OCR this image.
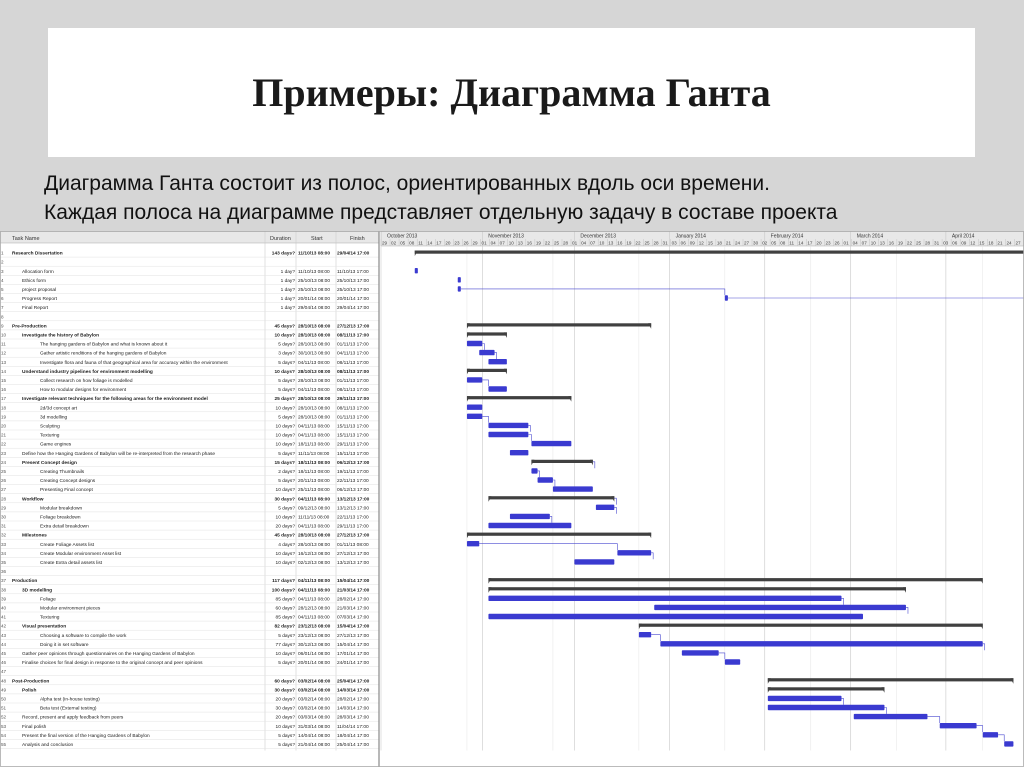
Примеры: Диаграмма Ганта
Диаграмма Ганта состоит из полос, ориентированных вдоль оси времени.
Каждая полоса на диаграмме представляет отдельную задачу в составе проекта
Task Name	Duration	Start	Finish	October 2013	November 2013	December 2013	January 2014	February 2014	March 2014	April 2014
29 02 05 08 11 14 17 20 23 26 29 01 04 07 10 13 16 19 22 25 28 01 04 07 10 13 16 19 22 25 28 31 03 06 09 12 15 18 21 24 27 30 02 05 08 11 14 17 20 23 26 01 04 07 10 13 16 19 22 25 28 31 03 06 09 12 15 18 21 24 27
1 Research Dissertation	143 days? 11/10/13 08:00 29/04/14 17:00
2
3	Allocation form	1 day? 11/10/13 08:00 11/10/13 17:00
4	Ethics form	1 day? 25/10/13 08:00 25/10/13 17:00
5	project proposal	1 day? 25/10/13 08:00 25/10/13 17:00
6	Progress Report	1 day? 20/01/14 08:00 20/01/14 17:00
7	Final Report	1 day? 29/04/14 08:00 29/04/14 17:00
8
9 Pre-Production	45 days? 28/10/13 08:00 27/12/13 17:00
10	Investigate the history of Babylon	10 days? 28/10/13 08:00 08/11/13 17:00
11	The hanging gardens of Babylon and what is known about it	5 days? 28/10/13 08:00 01/11/13 17:00
12	Gather artistic renditions of the hanging gardens of Babylon	3 days? 30/10/13 08:00 04/11/13 17:00
13	Investigate flora and fauna of that geographical area for accuracy within the environment	5 days? 04/11/13 08:00 08/11/13 17:00
14	Understand industry pipelines for environment modelling	10 days? 28/10/13 08:00 08/11/13 17:00
15	Collect research on how foliage is modelled	5 days? 28/10/13 08:00 01/11/13 17:00
16	How to modular designs for environment	5 days? 04/11/13 08:00 08/11/13 17:00
17	Investigate relevant techniques for the following areas for the environment model	25 days? 28/10/13 08:00 29/11/13 17:00
18	2d/3d concept art	10 days? 28/10/13 08:00 08/11/13 17:00
19	3d modelling	5 days? 28/10/13 08:00 01/11/13 17:00
20	Sculpting	10 days? 04/11/13 08:00 15/11/13 17:00
21	Texturing	10 days? 04/11/13 08:00 15/11/13 17:00
22	Game engines	10 days? 18/11/13 08:00 29/11/13 17:00
23	Define how the Hanging Gardens of Babylon will be re-interpreted from the research phase	5 days? 11/11/13 08:00 15/11/13 17:00
24	Present Concept design	15 days? 18/11/13 08:00 06/12/13 17:00
25	Creating Thumbnails	2 days? 18/11/13 08:00 19/11/13 17:00
26	Creating Concept designs	5 days? 20/11/13 08:00 22/11/13 17:00
27	Presenting Final concept	10 days? 25/11/13 08:00 06/12/13 17:00
28	Workflow	30 days? 04/11/13 08:00 13/12/13 17:00
29	Modular breakdown	5 days? 09/12/13 08:00 13/12/13 17:00
30	Foliage breakdown	10 days? 11/11/13 08:00 22/11/13 17:00
31	Extra detail breakdown	20 days? 04/11/13 08:00 29/11/13 17:00
32	Milestones	45 days? 28/10/13 08:00 27/12/13 17:00
33	Create Foliage Assets list	4 days? 28/10/13 08:00 01/11/13 08:00
34	Create Modular environment Asset list	10 days? 16/12/13 08:00 27/12/13 17:00
35	Create Extra detail assets list	10 days? 02/12/13 08:00 13/12/13 17:00
36
37 Production	117 days? 04/11/13 08:00 15/04/14 17:00
38	3D modelling	100 days? 04/11/13 08:00 21/03/14 17:00
39	Foliage	85 days? 04/11/13 08:00 28/02/14 17:00
40	Modular environment pieces	60 days? 28/12/13 08:00 21/03/14 17:00
41	Texturing	85 days? 04/11/13 08:00 07/03/14 17:00
42	Visual presentation	82 days? 23/12/13 08:00 15/04/14 17:00
43	Choosing a software to compile the work	5 days? 23/12/13 08:00 27/12/13 17:00
44	Doing it in set software	77 days? 30/12/13 08:00 15/04/14 17:00
45	Gather peer opinions through questionnaires on the Hanging Gardens of Babylon	10 days? 06/01/14 08:00 17/01/14 17:00
46	Finalise choices for final design in response to the original concept and peer opinions	5 days? 20/01/14 08:00 24/01/14 17:00
47
48 Post-Production	60 days? 03/02/14 08:00 25/04/14 17:00
49	Polish	30 days? 03/02/14 08:00 14/03/14 17:00
50	Alpha test (in-house testing)	20 days? 03/02/14 08:00 28/02/14 17:00
51	Beta test (External testing)	30 days? 03/02/14 08:00 14/03/14 17:00
52	Record, present and apply feedback from peers	20 days? 03/03/14 08:00 28/03/14 17:00
53	Final polish	10 days? 31/03/14 08:00 11/04/14 17:00
54	Present the final version of the Hanging Gardens of Babylon	5 days? 14/04/14 08:00 18/04/14 17:00
55	Analysis and conclusion	5 days? 21/04/14 08:00 25/04/14 17:00
